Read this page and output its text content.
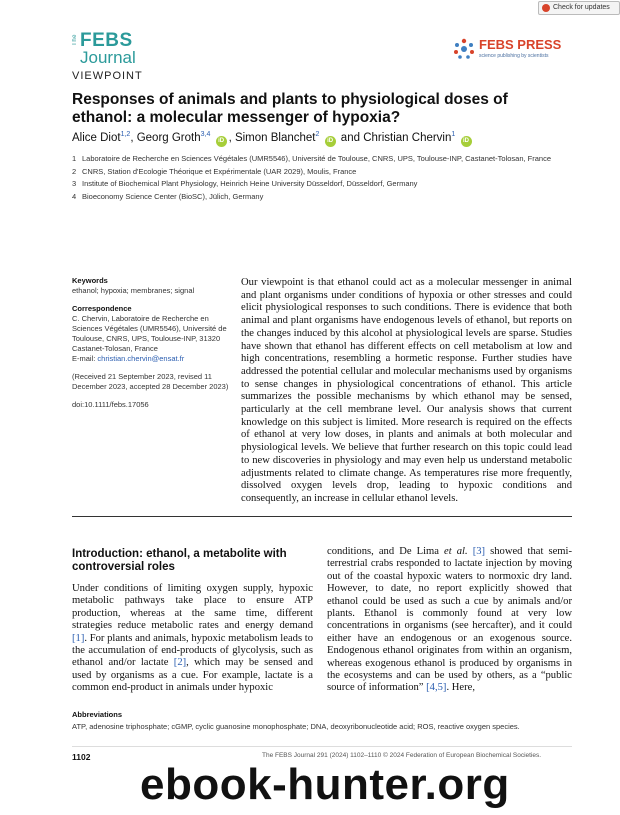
Check for updates
The FEBS
Journal
FEBS PRESS
science publishing by scientists
VIEWPOINT
Responses of animals and plants to physiological doses of ethanol: a molecular messenger of hypoxia?
Alice Diot$^{1,2}$, Georg Groth$^{3,4}$ iD , Simon Blanchet$^2$ iD and Christian Chervin$^1$ iD
1 Laboratoire de Recherche en Sciences Végétales (UMR5546), Université de Toulouse, CNRS, UPS, Toulouse-INP, Castanet-Tolosan, France
2 CNRS, Station d'Ecologie Théorique et Expérimentale (UAR 2029), Moulis, France
3 Institute of Biochemical Plant Physiology, Heinrich Heine University Düsseldorf, Düsseldorf, Germany
4 Bioeconomy Science Center (BioSC), Jülich, Germany
Keywords
ethanol; hypoxia; membranes; signal
Correspondence
C. Chervin, Laboratoire de Recherche en Sciences Végétales (UMR5546), Université de Toulouse, CNRS, UPS, Toulouse-INP, 31320 Castanet-Tolosan, France
E-mail: christian.chervin@ensat.fr
(Received 21 September 2023, revised 11 December 2023, accepted 28 December 2023)
doi:10.1111/febs.17056

Our viewpoint is that ethanol could act as a molecular messenger in animal and plant organisms under conditions of hypoxia or other stresses and could elicit physiological responses to such conditions. There is evidence that both animal and plant organisms have endogenous levels of ethanol, but reports on the changes induced by this alcohol at physiological levels are sparse. Studies have shown that ethanol has different effects on cell metabolism at low and high concentrations, resembling a hormetic response. Further studies have addressed the potential cellular and molecular mechanisms used by organisms to sense changes in physiological concentrations of ethanol. This article summarizes the possible mechanisms by which ethanol may be sensed, particularly at the cell membrane level. Our analysis shows that current knowledge on this subject is limited. More research is required on the effects of ethanol at very low doses, in plants and animals at both molecular and physiological levels. We believe that further research on this topic could lead to new discoveries in physiology and may even help us understand metabolic adjustments related to climate change. As temperatures rise more frequently, dissolved oxygen levels drop, leading to hypoxic conditions and consequently, an increase in cellular ethanol levels.

Introduction: ethanol, a metabolite with controversial roles

Under conditions of limiting oxygen supply, hypoxic metabolic pathways take place to ensure ATP production, whereas at the same time, different strategies reduce metabolic rates and energy demand [1]. For plants and animals, hypoxic metabolism leads to the accumulation of end-products of glycolysis, such as ethanol and/or lactate [2], which may be sensed and used by organisms as a cue. For example, lactate is a common end-product in animals under hypoxic

conditions, and De Lima et al. [3] showed that semi-terrestrial crabs responded to lactate injection by moving out of the coastal hypoxic waters to normoxic dry land. However, to date, no report explicitly showed that ethanol could be used as such a cue by animals and/or plants. Ethanol is commonly found at very low concentrations in organisms (see hercafter), and it could either have an endogenous or an exogenous source. Endogenous ethanol originates from within an organism, whereas exogenous ethanol is produced by organisms in the ecosystems and can be used by others, as a “public source of information” [4,5]. Here,

Abbreviations
ATP, adenosine triphosphate; cGMP, cyclic guanosine monophosphate; DNA, deoxyribonucleotide acid; ROS, reactive oxygen species.
1102	The FEBS Journal 291 (2024) 1102–1110 © 2024 Federation of European Biochemical Societies.
ebook-hunter.org
